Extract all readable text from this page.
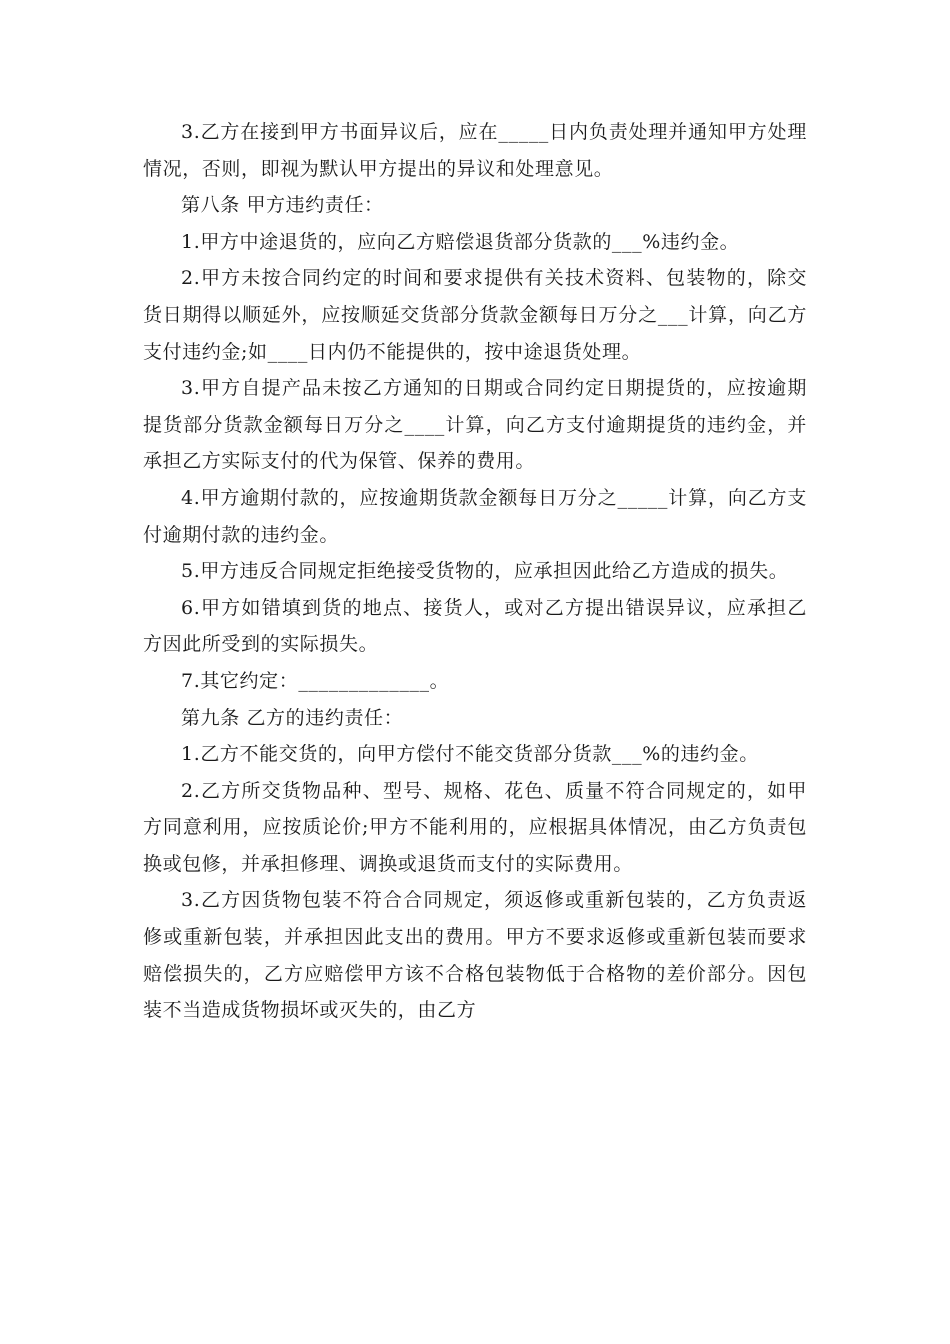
3.乙方在接到甲方书面异议后，应在_____日内负责处理并通知甲方处理情况，否则，即视为默认甲方提出的异议和处理意见。

第八条 甲方违约责任：

1.甲方中途退货的，应向乙方赔偿退货部分货款的___%违约金。

2.甲方未按合同约定的时间和要求提供有关技术资料、包装物的，除交货日期得以顺延外，应按顺延交货部分货款金额每日万分之___计算，向乙方支付违约金;如____日内仍不能提供的，按中途退货处理。

3.甲方自提产品未按乙方通知的日期或合同约定日期提货的，应按逾期提货部分货款金额每日万分之____计算，向乙方支付逾期提货的违约金，并承担乙方实际支付的代为保管、保养的费用。

4.甲方逾期付款的，应按逾期货款金额每日万分之_____计算，向乙方支付逾期付款的违约金。

5.甲方违反合同规定拒绝接受货物的，应承担因此给乙方造成的损失。

6.甲方如错填到货的地点、接货人，或对乙方提出错误异议，应承担乙方因此所受到的实际损失。

7.其它约定：_____________。

第九条 乙方的违约责任：

1.乙方不能交货的，向甲方偿付不能交货部分货款___%的违约金。

2.乙方所交货物品种、型号、规格、花色、质量不符合同规定的，如甲方同意利用，应按质论价;甲方不能利用的，应根据具体情况，由乙方负责包换或包修，并承担修理、调换或退货而支付的实际费用。

3.乙方因货物包装不符合合同规定，须返修或重新包装的，乙方负责返修或重新包装，并承担因此支出的费用。甲方不要求返修或重新包装而要求赔偿损失的，乙方应赔偿甲方该不合格包装物低于合格物的差价部分。因包装不当造成货物损坏或灭失的，由乙方
